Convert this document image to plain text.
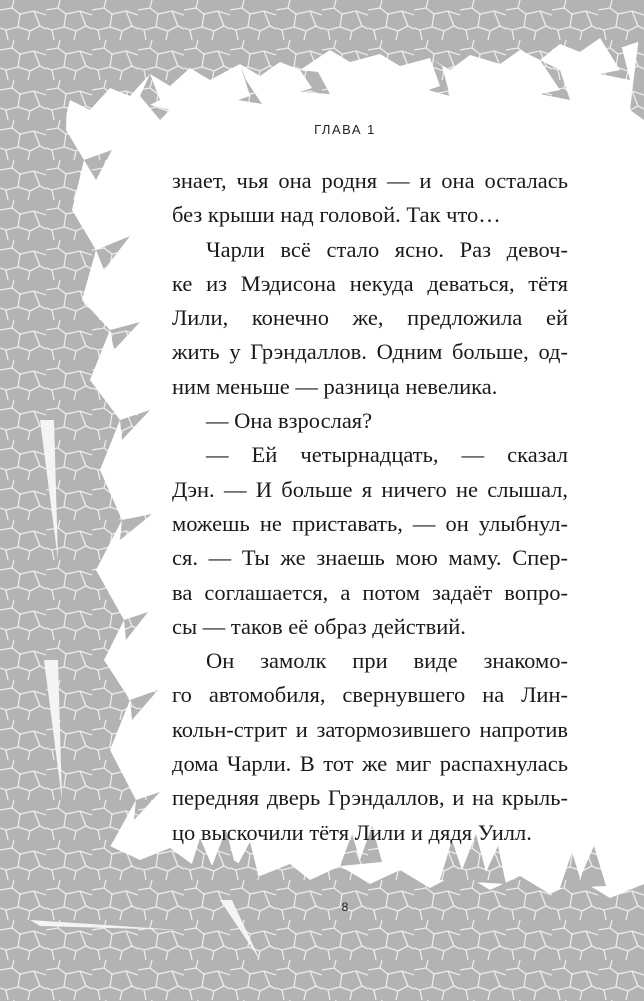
ГЛАВА 1
знает, чья она родня — и она осталась
без крыши над головой. Так что…
Чарли всё стало ясно. Раз девоч-
ке из Мэдисона некуда деваться, тётя
Лили, конечно же, предложила ей
жить у Грэндаллов. Одним больше, од-
ним меньше — разница невелика.
— Она взрослая?
— Ей четырнадцать, — сказал
Дэн. — И больше я ничего не слышал,
можешь не приставать, — он улыбнул-
ся. — Ты же знаешь мою маму. Спер-
ва соглашается, а потом задаёт вопро-
сы — таков её образ действий.
Он замолк при виде знакомо-
го автомобиля, свернувшего на Лин-
кольн-стрит и затормозившего напротив
дома Чарли. В тот же миг распахнулась
передняя дверь Грэндаллов, и на крыль-
цо выскочили тётя Лили и дядя Уилл.
8
